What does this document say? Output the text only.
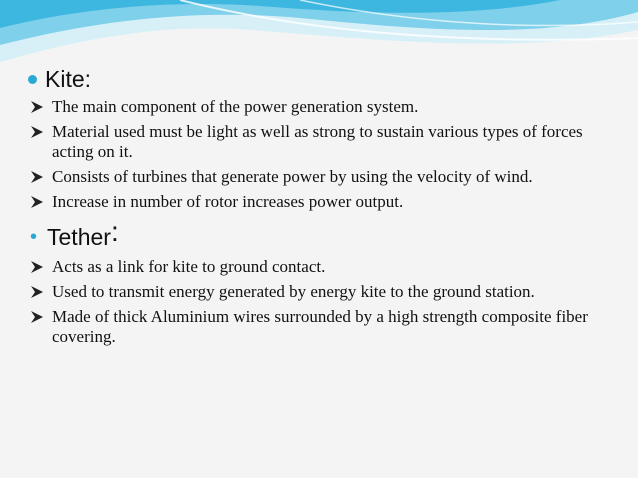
Kite:
The main component of the power generation system.
Material used must be light as well as strong to sustain various types of forces acting on it.
Consists of turbines that generate power by using the velocity of wind.
Increase in number of rotor increases power output.
• Tether :
Acts as a link for kite to ground contact.
Used to transmit energy generated by energy kite to the ground station.
Made of thick Aluminium wires surrounded by a high strength composite fiber covering.
